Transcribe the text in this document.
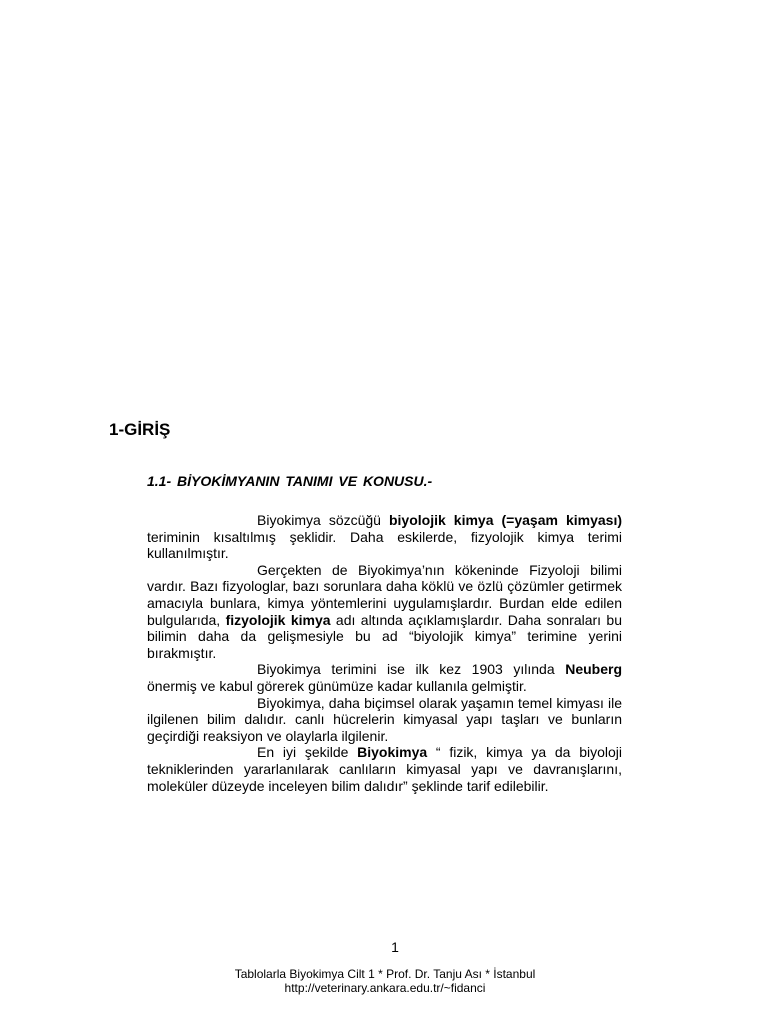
1-GİRİŞ
1.1- BİYOKİMYANIN TANIMI VE KONUSU.-

Biyokimya sözcüğü biyolojik kimya (=yaşam kimyası) teriminin kısaltılmış şeklidir. Daha eskilerde, fizyolojik kimya terimi kullanılmıştır.

Gerçekten de Biyokimya’nın kökeninde Fizyoloji bilimi vardır. Bazı fizyologlar, bazı sorunlara daha köklü ve özlü çözümler getirmek amacıyla bunlara, kimya yöntemlerini uygulamışlardır. Burdan elde edilen bulgularıda, fizyolojik kimya adı altında açıklamışlardır. Daha sonraları bu bilimin daha da gelişmesiyle bu ad “biyolojik kimya” terimine yerini bırakmıştır.

Biyokimya terimini ise ilk kez 1903 yılında Neuberg önermiş ve kabul görerek günümüze kadar kullanıla gelmiştir.

Biyokimya, daha biçimsel olarak yaşamın temel kimyası ile ilgilenen bilim dalıdır. canlı hücrelerin kimyasal yapı taşları ve bunların geçirdiği reaksiyon ve olaylarla ilgilenir.

En iyi şekilde Biyokimya “ fizik, kimya ya da biyoloji tekniklerinden yararlanılarak canlıların kimyasal yapı ve davranışlarını, moleküler düzeyde inceleyen bilim dalıdır” şeklinde tarif edilebilir.

1
Tablolarla Biyokimya Cilt 1 * Prof. Dr. Tanju Ası * İstanbul
http://veterinary.ankara.edu.tr/~fidanci
